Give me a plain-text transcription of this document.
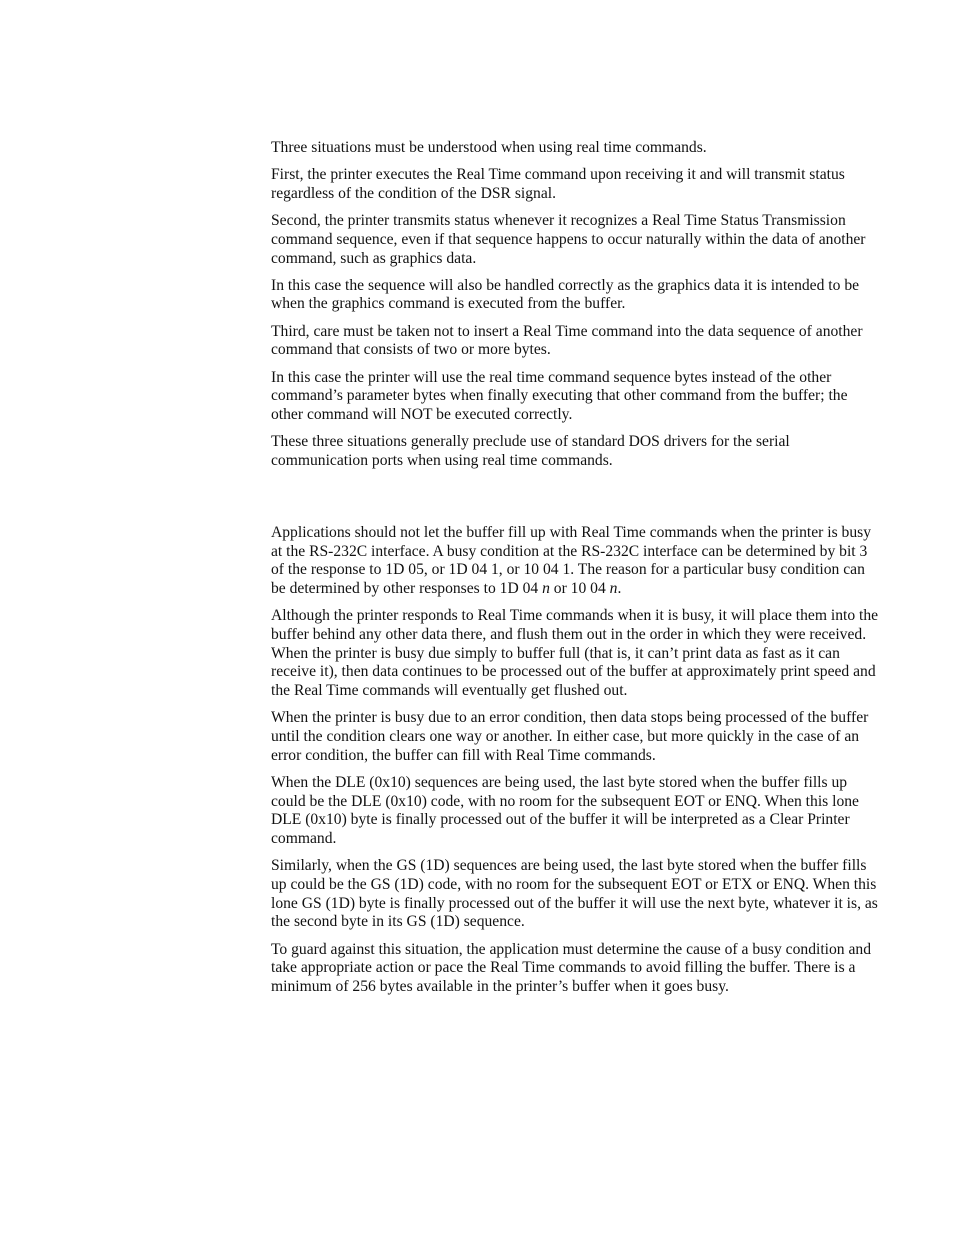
Three situations must be understood when using real time commands.

First, the printer executes the Real Time command upon receiving it and will transmit status regardless of the condition of the DSR signal.

Second, the printer transmits status whenever it recognizes a Real Time Status Transmission command sequence, even if that sequence happens to occur naturally within the data of another command, such as graphics data.

In this case the sequence will also be handled correctly as the graphics data it is intended to be when the graphics command is executed from the buffer.

Third, care must be taken not to insert a Real Time command into the data sequence of another command that consists of two or more bytes.

In this case the printer will use the real time command sequence bytes instead of the other command’s parameter bytes when finally executing that other command from the buffer; the other command will NOT be executed correctly.

These three situations generally preclude use of standard DOS drivers for the serial communication ports when using real time commands.

Applications should not let the buffer fill up with Real Time commands when the printer is busy at the RS-232C interface. A busy condition at the RS-232C interface can be determined by bit 3 of the response to 1D 05, or 1D 04 1, or 10 04 1. The reason for a particular busy condition can be determined by other responses to 1D 04 n or 10 04 n.

Although the printer responds to Real Time commands when it is busy, it will place them into the buffer behind any other data there, and flush them out in the order in which they were received. When the printer is busy due simply to buffer full (that is, it can’t print data as fast as it can receive it), then data continues to be processed out of the buffer at approximately print speed and the Real Time commands will eventually get flushed out.

When the printer is busy due to an error condition, then data stops being processed of the buffer until the condition clears one way or another. In either case, but more quickly in the case of an error condition, the buffer can fill with Real Time commands.

When the DLE (0x10) sequences are being used, the last byte stored when the buffer fills up could be the DLE (0x10) code, with no room for the subsequent EOT or ENQ. When this lone DLE (0x10) byte is finally processed out of the buffer it will be interpreted as a Clear Printer command.

Similarly, when the GS (1D) sequences are being used, the last byte stored when the buffer fills up could be the GS (1D) code, with no room for the subsequent EOT or ETX or ENQ. When this lone GS (1D) byte is finally processed out of the buffer it will use the next byte, whatever it is, as the second byte in its GS (1D) sequence.

To guard against this situation, the application must determine the cause of a busy condition and take appropriate action or pace the Real Time commands to avoid filling the buffer. There is a minimum of 256 bytes available in the printer’s buffer when it goes busy.
